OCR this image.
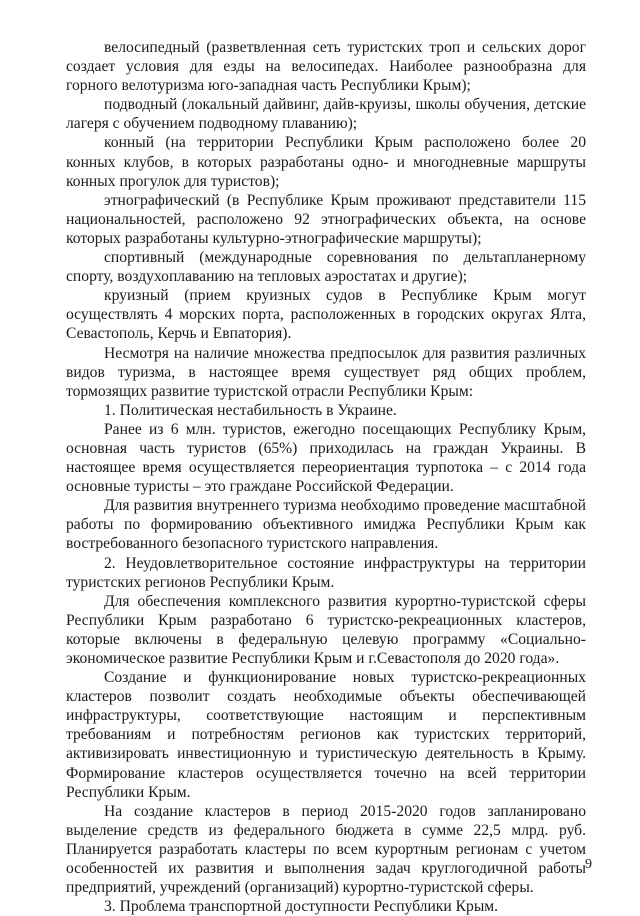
велосипедный (разветвленная сеть туристских троп и сельских дорог создает условия для езды на велосипедах. Наиболее разнообразна для горного велотуризма юго-западная часть Республики Крым);

подводный (локальный дайвинг, дайв-круизы, школы обучения, детские лагеря с обучением подводному плаванию);

конный (на территории Республики Крым расположено более 20 конных клубов, в которых разработаны одно- и многодневные маршруты конных прогулок для туристов);

этнографический (в Республике Крым проживают представители 115 национальностей, расположено 92 этнографических объекта, на основе которых разработаны культурно-этнографические маршруты);

спортивный (международные соревнования по дельтапланерному спорту, воздухоплаванию на тепловых аэростатах и другие);

круизный (прием круизных судов в Республике Крым могут осуществлять 4 морских порта, расположенных в городских округах Ялта, Севастополь, Керчь и Евпатория).

Несмотря на наличие множества предпосылок для развития различных видов туризма, в настоящее время существует ряд общих проблем, тормозящих развитие туристской отрасли Республики Крым:

1. Политическая нестабильность в Украине.

Ранее из 6 млн. туристов, ежегодно посещающих Республику Крым, основная часть туристов (65%) приходилась на граждан Украины. В настоящее время осуществляется переориентация турпотока – с 2014 года основные туристы – это граждане Российской Федерации.

Для развития внутреннего туризма необходимо проведение масштабной работы по формированию объективного имиджа Республики Крым как востребованного безопасного туристского направления.

2. Неудовлетворительное состояние инфраструктуры на территории туристских регионов Республики Крым.

Для обеспечения комплексного развития курортно-туристской сферы Республики Крым разработано 6 туристско-рекреационных кластеров, которые включены в федеральную целевую программу «Социально-экономическое развитие Республики Крым и г.Севастополя до 2020 года».

Создание и функционирование новых туристско-рекреационных кластеров позволит создать необходимые объекты обеспечивающей инфраструктуры, соответствующие настоящим и перспективным требованиям и потребностям регионов как туристских территорий, активизировать инвестиционную и туристическую деятельность в Крыму. Формирование кластеров осуществляется точечно на всей территории Республики Крым.

На создание кластеров в период 2015-2020 годов запланировано выделение средств из федерального бюджета в сумме 22,5 млрд. руб. Планируется разработать кластеры по всем курортным регионам с учетом особенностей их развития и выполнения задач круглогодичной работы предприятий, учреждений (организаций) курортно-туристской сферы.

3. Проблема транспортной доступности Республики Крым.

9
